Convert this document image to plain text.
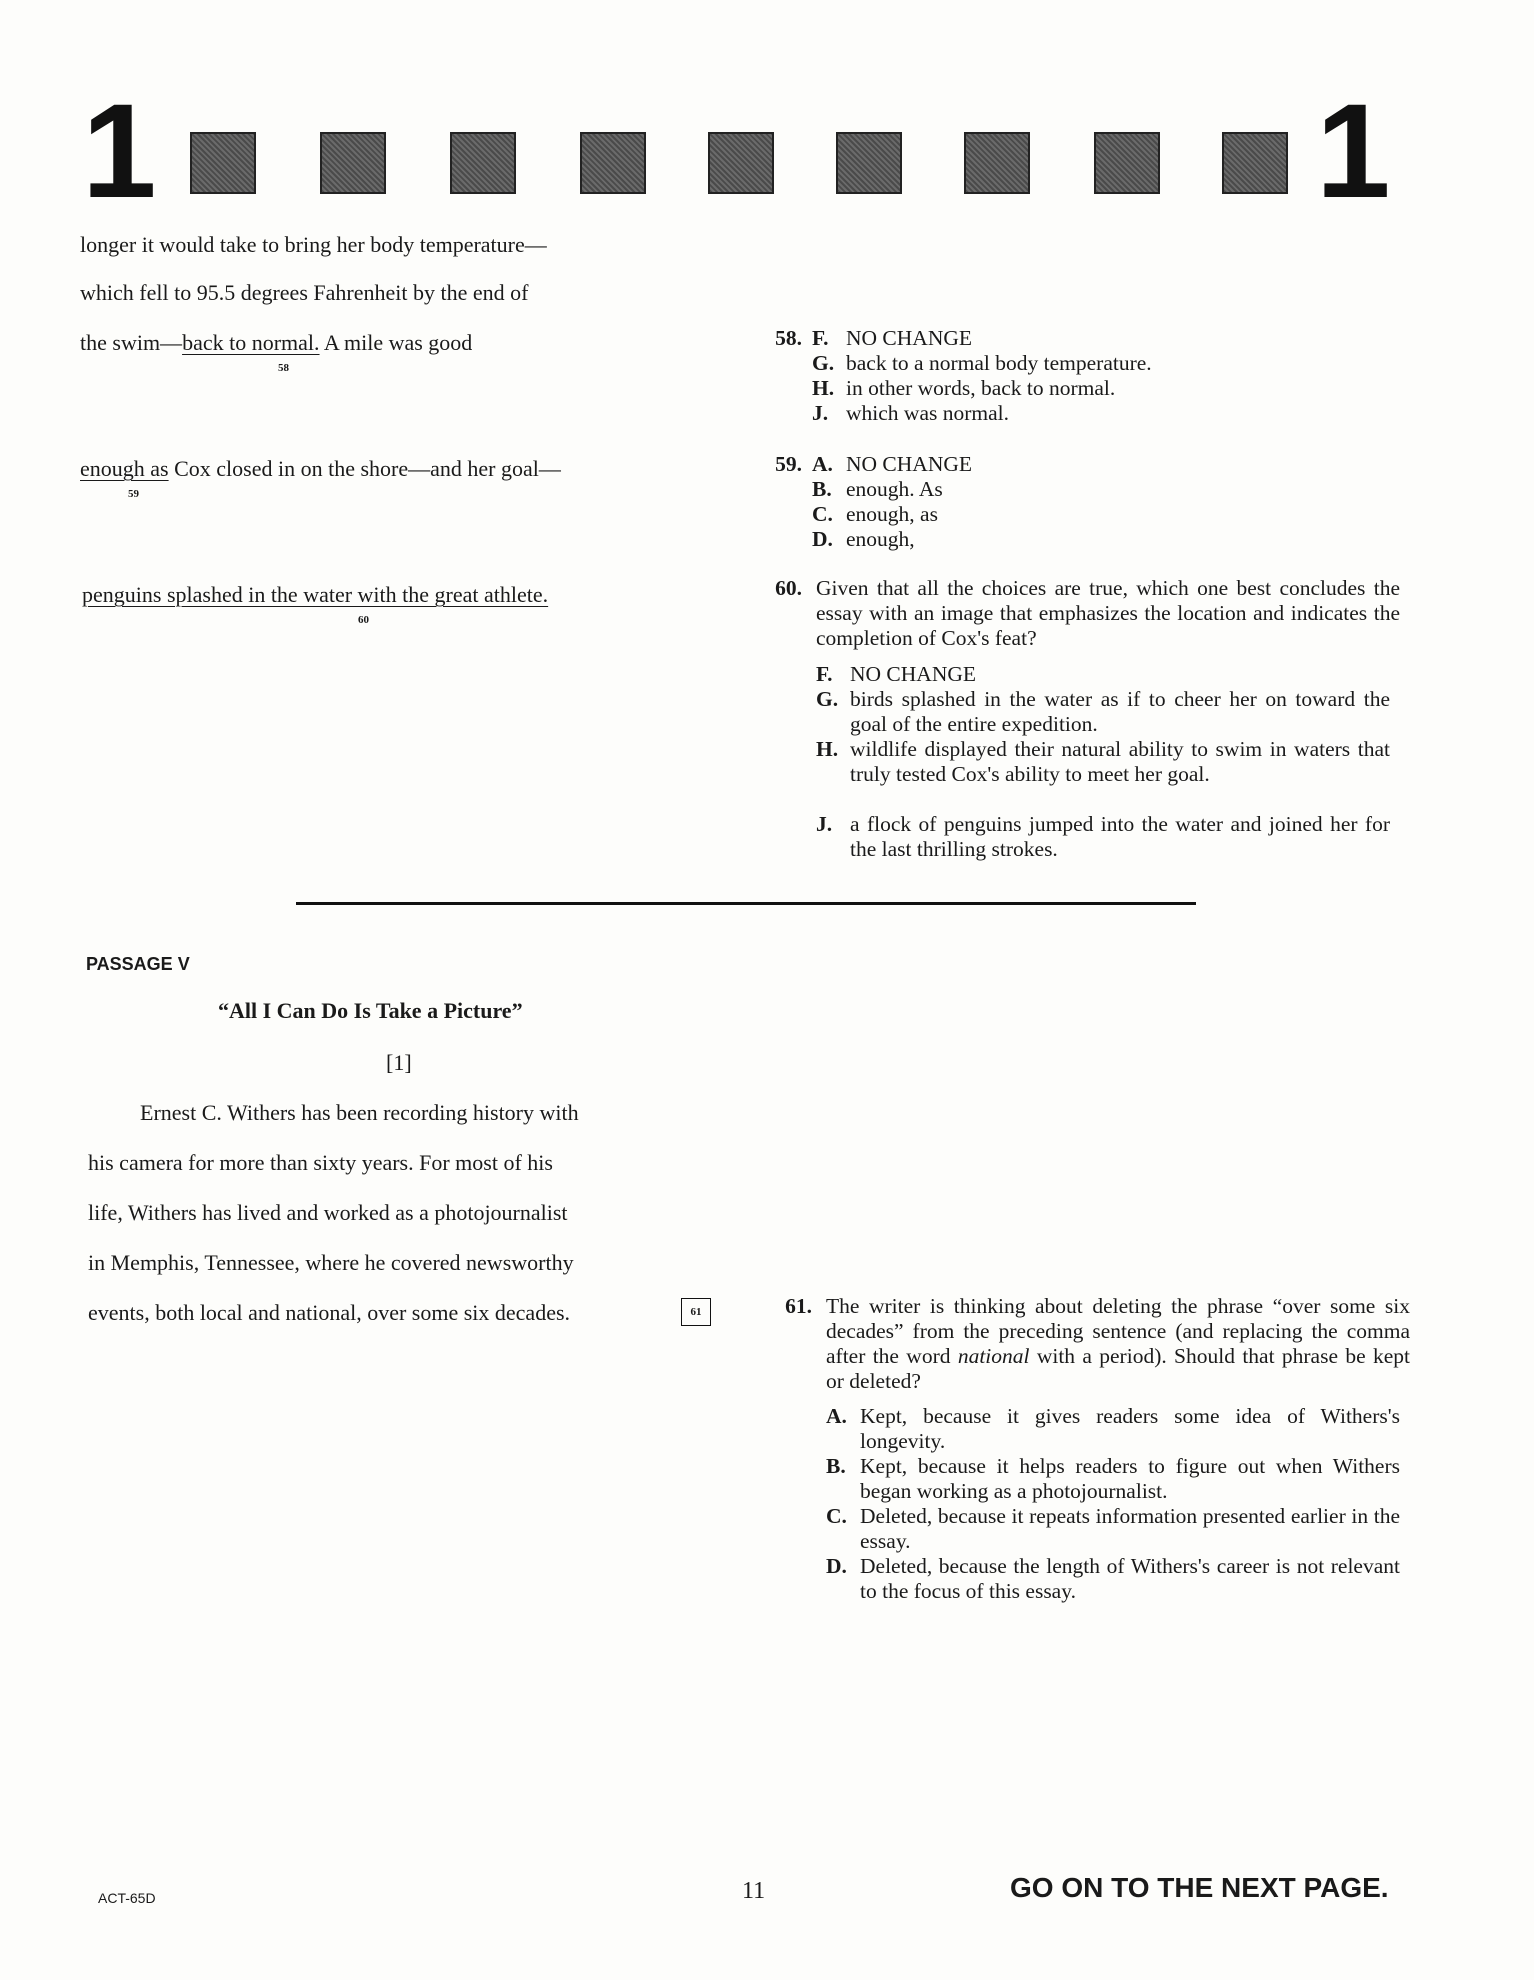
1	1
longer it would take to bring her body temperature—
which fell to 95.5 degrees Fahrenheit by the end of
the swim—back to normal. A mile was good
58
enough as Cox closed in on the shore—and her goal—
59
penguins splashed in the water with the great athlete.
60
58. F. NO CHANGE
G. back to a normal body temperature.
H. in other words, back to normal.
J. which was normal.
59. A. NO CHANGE
B. enough. As
C. enough, as
D. enough,
60. Given that all the choices are true, which one best concludes the essay with an image that emphasizes the location and indicates the completion of Cox's feat?
F. NO CHANGE
G. birds splashed in the water as if to cheer her on toward the goal of the entire expedition.
H. wildlife displayed their natural ability to swim in waters that truly tested Cox's ability to meet her goal.
J. a flock of penguins jumped into the water and joined her for the last thrilling strokes.
PASSAGE V
“All I Can Do Is Take a Picture”
[1]
Ernest C. Withers has been recording history with
his camera for more than sixty years. For most of his
life, Withers has lived and worked as a photojournalist
in Memphis, Tennessee, where he covered newsworthy
events, both local and national, over some six decades.	61	61. The writer is thinking about deleting the phrase “over some six decades” from the preceding sentence (and replacing the comma after the word national with a period). Should that phrase be kept or deleted?
A. Kept, because it gives readers some idea of Withers's longevity.
B. Kept, because it helps readers to figure out when Withers began working as a photojournalist.
C. Deleted, because it repeats information presented earlier in the essay.
D. Deleted, because the length of Withers's career is not relevant to the focus of this essay.
ACT-65D	11	GO ON TO THE NEXT PAGE.
